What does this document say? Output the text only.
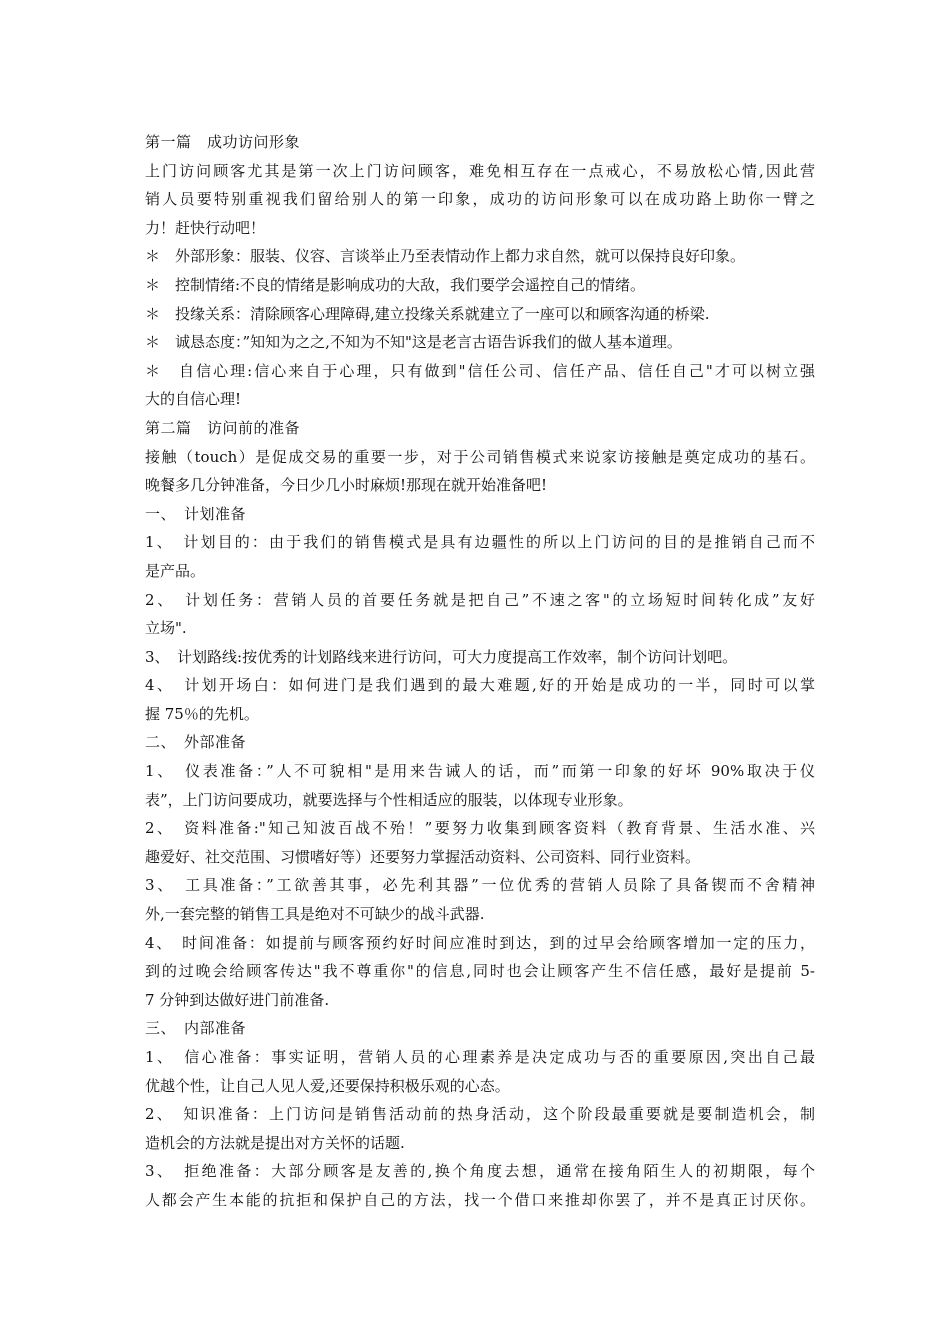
第一篇　成功访问形象
上门访问顾客尤其是第一次上门访问顾客，难免相互存在一点戒心，不易放松心情,因此营
销人员要特别重视我们留给别人的第一印象，成功的访问形象可以在成功路上助你一臂之
力！赶快行动吧！
＊　外部形象：服装、仪容、言谈举止乃至表情动作上都力求自然，就可以保持良好印象。
＊　控制情绪:不良的情绪是影响成功的大敌，我们要学会遥控自己的情绪。
＊　投缘关系：清除顾客心理障碍,建立投缘关系就建立了一座可以和顾客沟通的桥梁.
＊　诚恳态度：”知知为之之,不知为不知"这是老言古语告诉我们的做人基本道理。
＊　自信心理:信心来自于心理，只有做到"信任公司、信任产品、信任自己"才可以树立强
大的自信心理!
第二篇　访问前的准备
接触（touch）是促成交易的重要一步，对于公司销售模式来说家访接触是奠定成功的基石。
晚餐多几分钟准备，今日少几小时麻烦!那现在就开始准备吧!
一、　计划准备
1、　计划目的：由于我们的销售模式是具有边疆性的所以上门访问的目的是推销自己而不
是产品。
2、　计划任务：营销人员的首要任务就是把自己”不速之客"的立场短时间转化成”友好
立场".
3、　计划路线:按优秀的计划路线来进行访问，可大力度提高工作效率，制个访问计划吧。
4、　计划开场白：如何进门是我们遇到的最大难题,好的开始是成功的一半，同时可以掌
握 75％的先机。
二、　外部准备
1、　仪表准备：”人不可貌相"是用来告诫人的话，而”而第一印象的好坏 90%取决于仪
表”，上门访问要成功，就要选择与个性相适应的服装，以体现专业形象。
2、　资料准备:"知己知波百战不殆！”要努力收集到顾客资料（教育背景、生活水准、兴
趣爱好、社交范围、习惯嗜好等）还要努力掌握活动资料、公司资料、同行业资料。
3、　工具准备：”工欲善其事，必先利其器”一位优秀的营销人员除了具备锲而不舍精神
外,一套完整的销售工具是绝对不可缺少的战斗武器.
4、　时间准备：如提前与顾客预约好时间应准时到达，到的过早会给顾客增加一定的压力，
到的过晚会给顾客传达"我不尊重你"的信息,同时也会让顾客产生不信任感，最好是提前 5-
7 分钟到达做好进门前准备.
三、　内部准备
1、　信心准备：事实证明，营销人员的心理素养是决定成功与否的重要原因,突出自己最
优越个性，让自己人见人爱,还要保持积极乐观的心态。
2、　知识准备：上门访问是销售活动前的热身活动，这个阶段最重要就是要制造机会，制
造机会的方法就是提出对方关怀的话题.
3、　拒绝准备：大部分顾客是友善的,换个角度去想，通常在接角陌生人的初期限，每个
人都会产生本能的抗拒和保护自己的方法，找一个借口来推却你罢了，并不是真正讨厌你。
